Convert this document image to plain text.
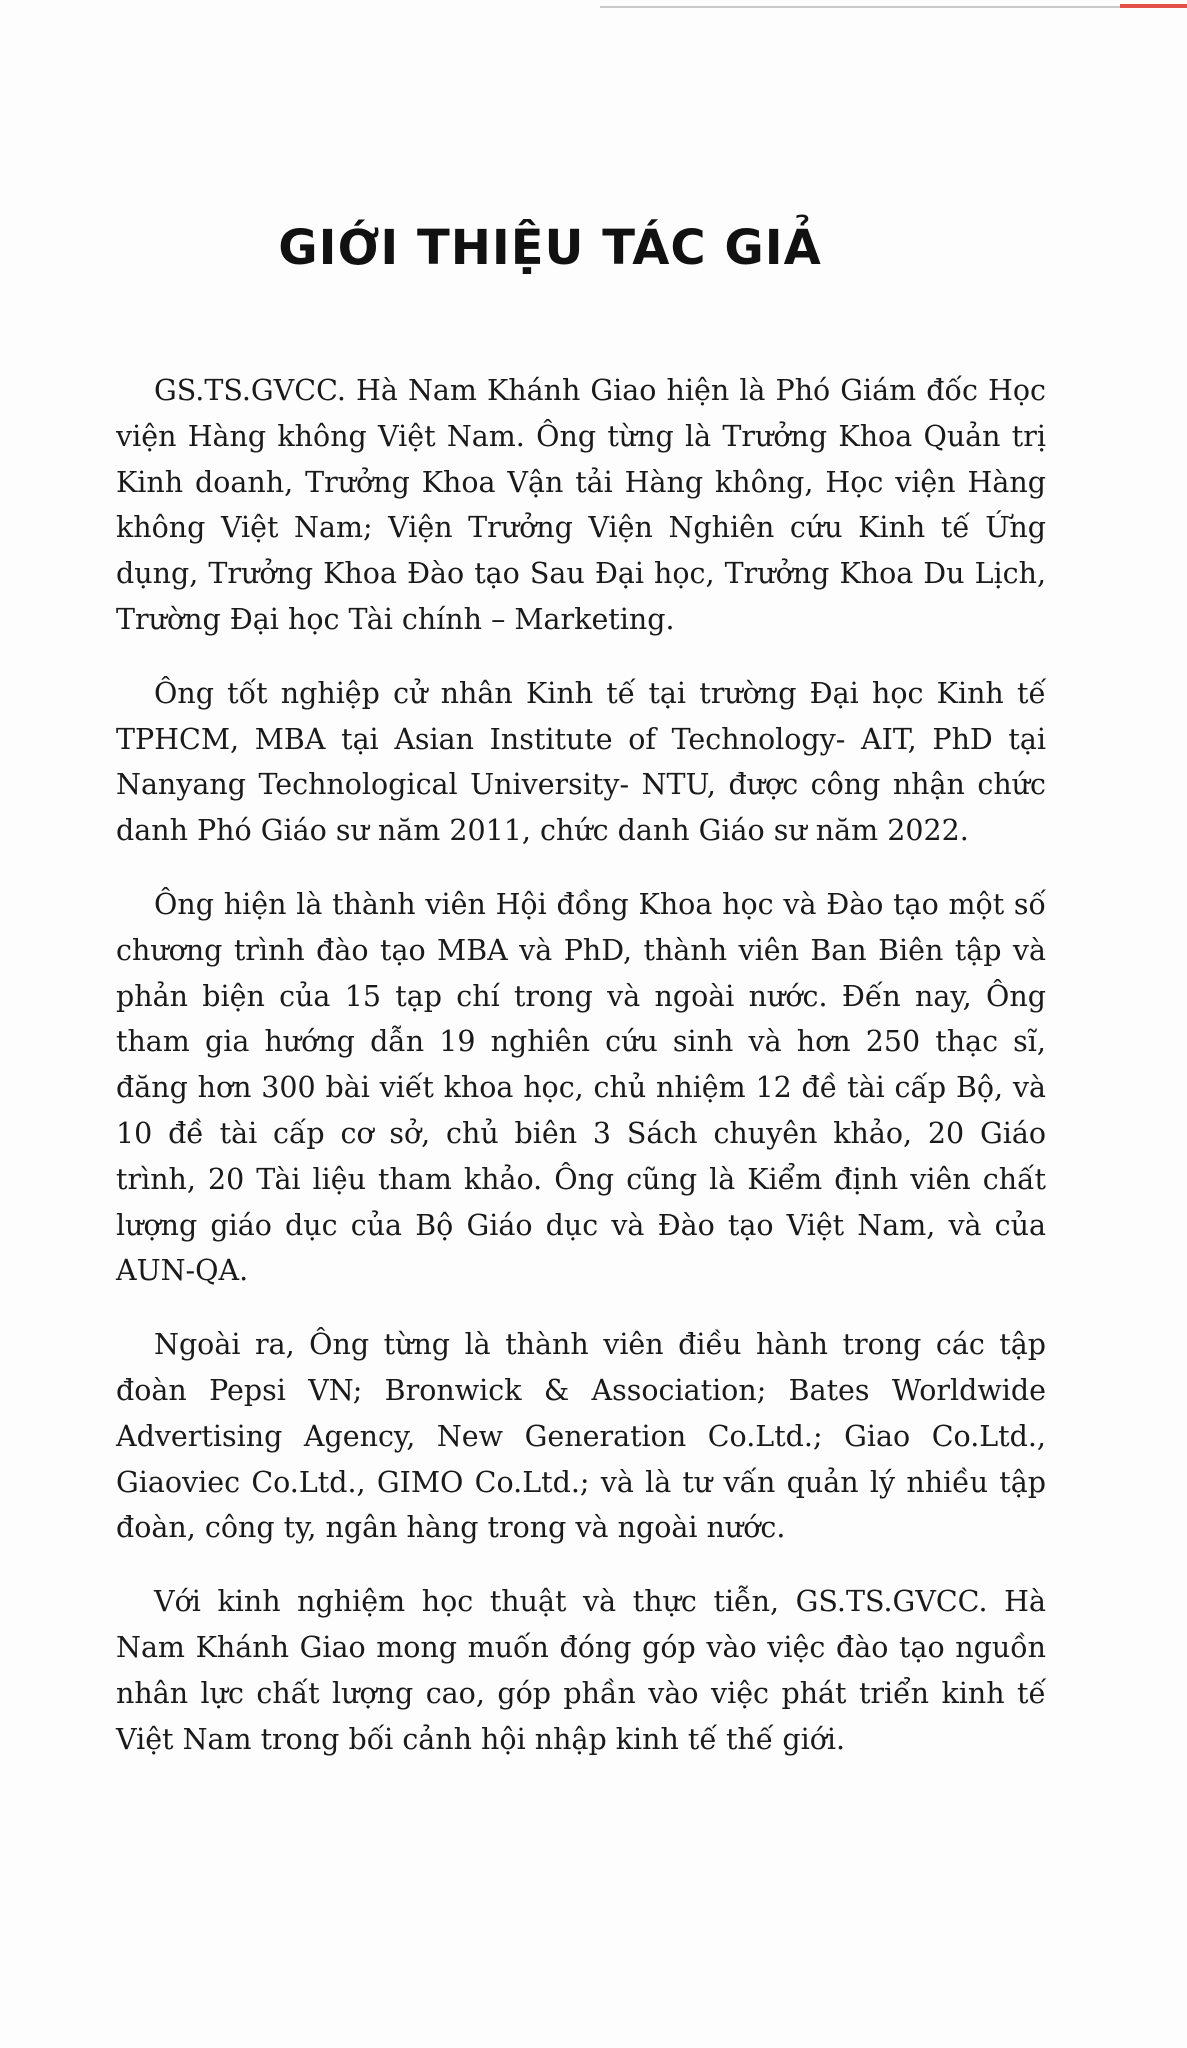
GIỚI THIỆU TÁC GIẢ

GS.TS.GVCC. Hà Nam Khánh Giao hiện là Phó Giám đốc Học viện Hàng không Việt Nam. Ông từng là Trưởng Khoa Quản trị Kinh doanh, Trưởng Khoa Vận tải Hàng không, Học viện Hàng không Việt Nam; Viện Trưởng Viện Nghiên cứu Kinh tế Ứng dụng, Trưởng Khoa Đào tạo Sau Đại học, Trưởng Khoa Du Lịch, Trường Đại học Tài chính – Marketing.

Ông tốt nghiệp cử nhân Kinh tế tại trường Đại học Kinh tế TPHCM, MBA tại Asian Institute of Technology- AIT, PhD tại Nanyang Technological University- NTU, được công nhận chức danh Phó Giáo sư năm 2011, chức danh Giáo sư năm 2022.

Ông hiện là thành viên Hội đồng Khoa học và Đào tạo một số chương trình đào tạo MBA và PhD, thành viên Ban Biên tập và phản biện của 15 tạp chí trong và ngoài nước. Đến nay, Ông tham gia hướng dẫn 19 nghiên cứu sinh và hơn 250 thạc sĩ, đăng hơn 300 bài viết khoa học, chủ nhiệm 12 đề tài cấp Bộ, và 10 đề tài cấp cơ sở, chủ biên 3 Sách chuyên khảo, 20 Giáo trình, 20 Tài liệu tham khảo. Ông cũng là Kiểm định viên chất lượng giáo dục của Bộ Giáo dục và Đào tạo Việt Nam, và của AUN-QA.

Ngoài ra, Ông từng là thành viên điều hành trong các tập đoàn Pepsi VN; Bronwick & Association; Bates Worldwide Advertising Agency, New Generation Co.Ltd.; Giao Co.Ltd., Giaoviec Co.Ltd., GIMO Co.Ltd.; và là tư vấn quản lý nhiều tập đoàn, công ty, ngân hàng trong và ngoài nước.

Với kinh nghiệm học thuật và thực tiễn, GS.TS.GVCC. Hà Nam Khánh Giao mong muốn đóng góp vào việc đào tạo nguồn nhân lực chất lượng cao, góp phần vào việc phát triển kinh tế Việt Nam trong bối cảnh hội nhập kinh tế thế giới.
